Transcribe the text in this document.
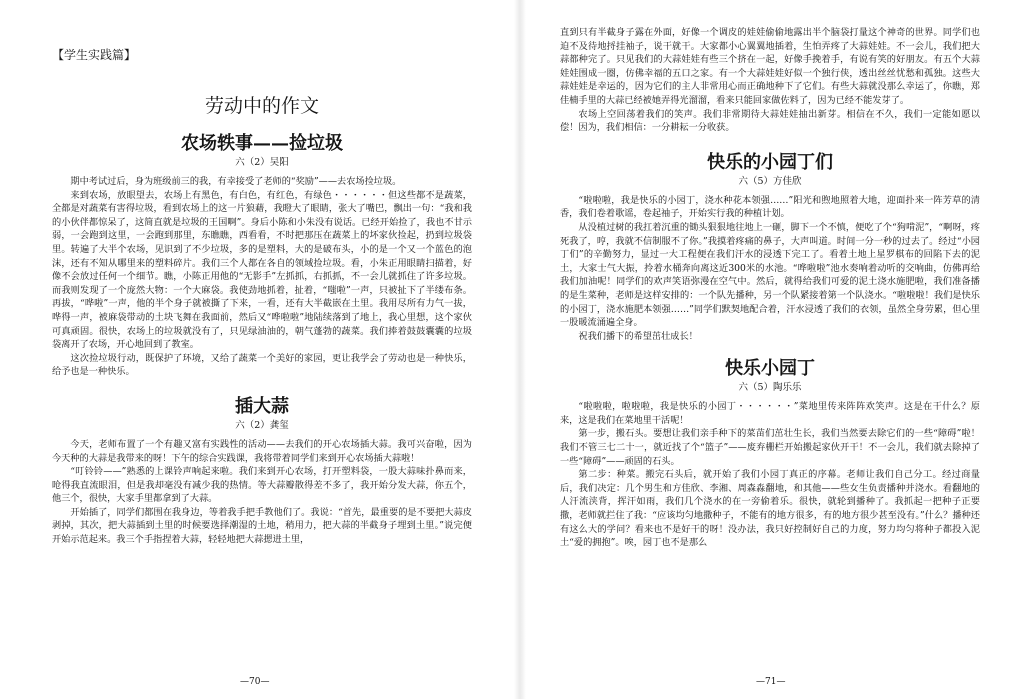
【学生实践篇】
劳动中的作文
农场轶事——捡垃圾
六（2）吴阳

期中考试过后，身为班级前三的我，有幸接受了老师的“奖励”——去农场捡垃圾。

来到农场，放眼望去，农场上有黑色，有白色，有红色，有绿色・・・・・・但这些都不是蔬菜，全都是对蔬菜有害得垃圾，看到农场上的这一片狼藉，我瞪大了眼睛，张大了嘴巴，飘出一句：“我和我的小伙伴都惊呆了，这简直就是垃圾的王国啊”。身后小陈和小朱没有说话。已经开始捡了，我也不甘示弱，一会跑到这里，一会跑到那里，东瞧瞧，西看看，不时把那压在蔬菜上的坏家伙捡起，扔到垃圾袋里。转遍了大半个农场，见识到了不少垃圾，多的是塑料，大的是破布头，小的是一个又一个蓝色的泡沫，还有不知从哪里来的塑料碎片。我们三个人都在各自的领域捡垃圾。看，小朱正用眼睛扫描着，好像不会放过任何一个细节。瞧，小陈正用他的“无影手”左抓抓，右抓抓，不一会儿就抓住了许多垃圾。而我则发现了一个庞然大物：一个大麻袋。我使劲地抓着，扯着，“嗤啦”一声，只被扯下了半缕布条。再拔，“哗啦”一声，他的半个身子就被撕了下来，一看，还有大半截嵌在土里。我用尽所有力气一拔，哗得一声，被麻袋带动的土块飞舞在我面前，然后又“哗啦啦”地陆续落到了地上，我心里想，这个家伙可真顽固。很快，农场上的垃圾就没有了，只见绿油油的，朝气蓬勃的蔬菜。我们捧着鼓鼓囊囊的垃圾袋离开了农场，开心地回到了教室。

这次捡垃圾行动，既保护了环境，又给了蔬菜一个美好的家园，更让我学会了劳动也是一种快乐，给予也是一种快乐。

插大蒜
六（2）龚玺

今天，老师布置了一个有趣又富有实践性的活动——去我们的开心农场插大蒜。我可兴奋啦，因为今天种的大蒜是我带来的呀！下午的综合实践课，我将带着同学们来到开心农场插大蒜啦！

“叮铃铃——”熟悉的上课铃声响起来啦。我们来到开心农场，打开塑料袋，一股大蒜味扑鼻而来，呛得我直流眼泪，但是我却毫没有减少我的热情。等大蒜瓣散得差不多了，我开始分发大蒜，你五个，他三个，很快，大家手里都拿到了大蒜。

开始插了，同学们都围在我身边，等着我手把手教他们了。我说：“首先，最重要的是不要把大蒜皮剥掉，其次，把大蒜插到土里的时候要选择潮湿的土地，稍用力，把大蒜的半截身子埋到土里。”说完便开始示范起来。我三个手指捏着大蒜，轻轻地把大蒜摁进土里，

—70—

直到只有半截身子露在外面，好像一个调皮的娃娃偷偷地露出半个脑袋打量这个神奇的世界。同学们也迫不及待地捋挂袖子，说干就干。大家都小心翼翼地插着，生怕弄疼了大蒜娃娃。不一会儿，我们把大蒜都种完了。只见我们的大蒜娃娃有些三个挤在一起，好像手挽着手，有说有笑的好朋友。有五个大蒜娃娃围成一圈，仿佛幸福的五口之家。有一个大蒜娃娃好似一个独行侠，透出丝丝忧愁和孤独。这些大蒜娃娃是幸运的，因为它们的主人非常用心而正确地种下了它们。有些大蒜就没那么幸运了，你瞧，郑佳楠手里的大蒜已经被她弄得光溜溜，看来只能回家做佐料了，因为已经不能发芽了。

农场上空回荡着我们的笑声。我们非常期待大蒜娃娃抽出新芽。相信在不久，我们一定能如愿以偿！因为，我们相信：一分耕耘一分收获。

快乐的小园丁们
六（5）方佳欣

“啦啦啦，我是快乐的小园丁，浇水种花本领强……”阳光和煦地照着大地，迎面扑来一阵芳草的清香，我们卷着歌谣，卷起袖子，开始实行我的种植计划。

从没植过树的我扛着沉重的锄头狠狠地往地上一砸，脚下一个不慎，便吃了个“狗啃泥”，“啊呀，疼死我了，哼，我就不信制服不了你。”我摸着疼痛的鼻子，大声叫道。时间一分一秒的过去了。经过“小园丁们”的辛勤努力，显过一大工程便在我们汗水的浸透下完工了。看着土地上星罗棋布的回陷下去的泥土，大家士气大振，拎着水桶奔向离这近300米的水池。“哗啦啦”池水奏响着动听的交响曲，仿佛再给我们加油呢！同学们的欢声笑语弥漫在空气中。然后，就得给我们可爱的泥土浇水施肥啦，我们准备播的是生菜种，老师是这样安排的：一个队先播种，另一个队紧接着第一个队浇水。“啦啦啦！我们是快乐的小园丁，浇水施肥本领强……”同学们默契地配合着，汗水浸透了我们的衣领，虽然全身劳累，但心里一股暖流涌遍全身。

祝我们播下的希望茁壮成长！

快乐小园丁
六（5）陶乐乐

“啦啦啦，啦啦啦，我是快乐的小园丁・・・・・・”菜地里传来阵阵欢笑声。这是在干什么？原来，这是我们在菜地里干活呢！

第一步，搬石头。要想让我们亲手种下的菜苗们茁壮生长，我们当然要去除它们的一些“障碍”啦！我们不管三七二十一，就近找了个“篮子”——废弃栅栏开始搬起家伙开干！不一会儿，我们就去除掉了一些“障碍”——顽固的石头。

第二步：种菜。搬完石头后，就开始了我们小园丁真正的序幕。老师让我们自己分工。经过商量后，我们决定：几个男生和方佳欣、李湘、周森淼翻地，和其他——些女生负责播种并浇水。看翻地的人汗流浃背，挥汗如雨，我们几个浇水的在一旁偷着乐。很快，就轮到播种了。我抓起一把种子正要撒，老师就拦住了我：“应该均匀地撒种子，不能有的地方很多，有的地方很少甚至没有。”什么？播种还有这么大的学问？看来也不是好干的呀！没办法，我只好控制好自己的力度，努力均匀将种子都投入泥土“爱的拥抱”。唉，园丁也不是那么

—71—
